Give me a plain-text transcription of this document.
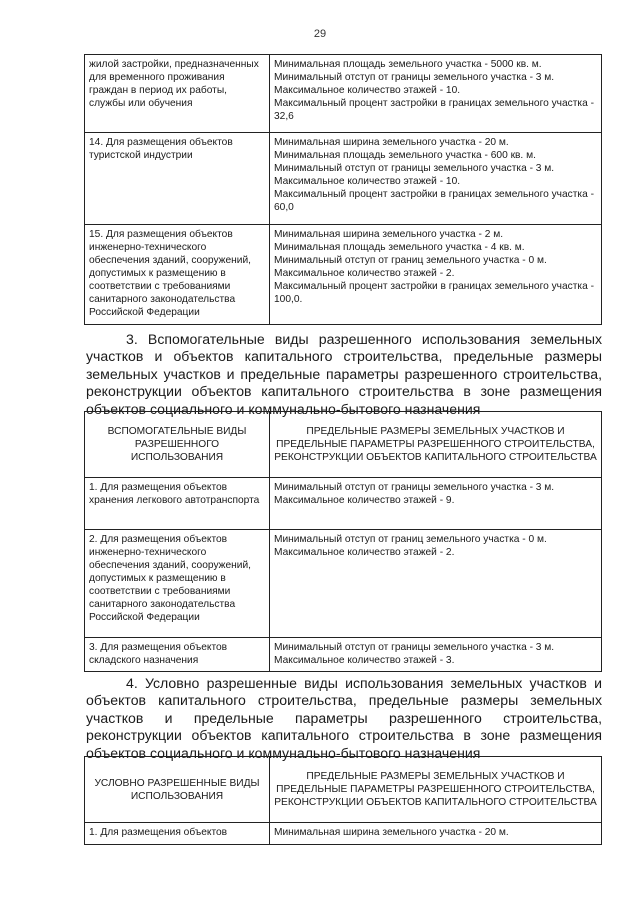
29
жилой застройки, предназначенных для временного проживания граждан в период их работы, службы или обучения	Минимальная площадь земельного участка - 5000 кв. м.
Минимальный отступ от границы земельного участка - 3 м.
Максимальное количество этажей - 10.
Максимальный процент застройки в границах земельного участка - 32,6

14. Для размещения объектов туристской индустрии	Минимальная ширина земельного участка - 20 м.
Минимальная площадь земельного участка - 600 кв. м.
Минимальный отступ от границы земельного участка - 3 м.
Максимальное количество этажей - 10.
Максимальный процент застройки в границах земельного участка - 60,0

15. Для размещения объектов инженерно-технического обеспечения зданий, сооружений, допустимых к размещению в соответствии с требованиями санитарного законодательства Российской Федерации	Минимальная ширина земельного участка - 2 м.
Минимальная площадь земельного участка - 4 кв. м.
Минимальный отступ от границ земельного участка - 0 м.
Максимальное количество этажей - 2.
Максимальный процент застройки в границах земельного участка - 100,0.
3. Вспомогательные виды разрешенного использования земельных участков и объектов капитального строительства, предельные размеры земельных участков и предельные параметры разрешенного строительства, реконструкции объектов капитального строительства в зоне размещения объектов социального и коммунально-бытового назначения
ВСПОМОГАТЕЛЬНЫЕ ВИДЫ РАЗРЕШЕННОГО ИСПОЛЬЗОВАНИЯ	ПРЕДЕЛЬНЫЕ РАЗМЕРЫ ЗЕМЕЛЬНЫХ УЧАСТКОВ И ПРЕДЕЛЬНЫЕ ПАРАМЕТРЫ РАЗРЕШЕННОГО СТРОИТЕЛЬСТВА, РЕКОНСТРУКЦИИ ОБЪЕКТОВ КАПИТАЛЬНОГО СТРОИТЕЛЬСТВА
1. Для размещения объектов хранения легкового автотранспорта	Минимальный отступ от границы земельного участка - 3 м.
Максимальное количество этажей - 9.

2. Для размещения объектов инженерно-технического обеспечения зданий, сооружений, допустимых к размещению в соответствии с требованиями санитарного законодательства Российской Федерации	Минимальный отступ от границ земельного участка - 0 м.
Максимальное количество этажей - 2.

3. Для размещения объектов складского назначения	Минимальный отступ от границы земельного участка - 3 м.
Максимальное количество этажей - 3.
4. Условно разрешенные виды использования земельных участков и объектов капитального строительства, предельные размеры земельных участков и предельные параметры разрешенного строительства, реконструкции объектов капитального строительства в зоне размещения объектов социального и коммунально-бытового назначения
УСЛОВНО РАЗРЕШЕННЫЕ ВИДЫ ИСПОЛЬЗОВАНИЯ	ПРЕДЕЛЬНЫЕ РАЗМЕРЫ ЗЕМЕЛЬНЫХ УЧАСТКОВ И ПРЕДЕЛЬНЫЕ ПАРАМЕТРЫ РАЗРЕШЕННОГО СТРОИТЕЛЬСТВА, РЕКОНСТРУКЦИИ ОБЪЕКТОВ КАПИТАЛЬНОГО СТРОИТЕЛЬСТВА
1. Для размещения объектов	Минимальная ширина земельного участка - 20 м.
